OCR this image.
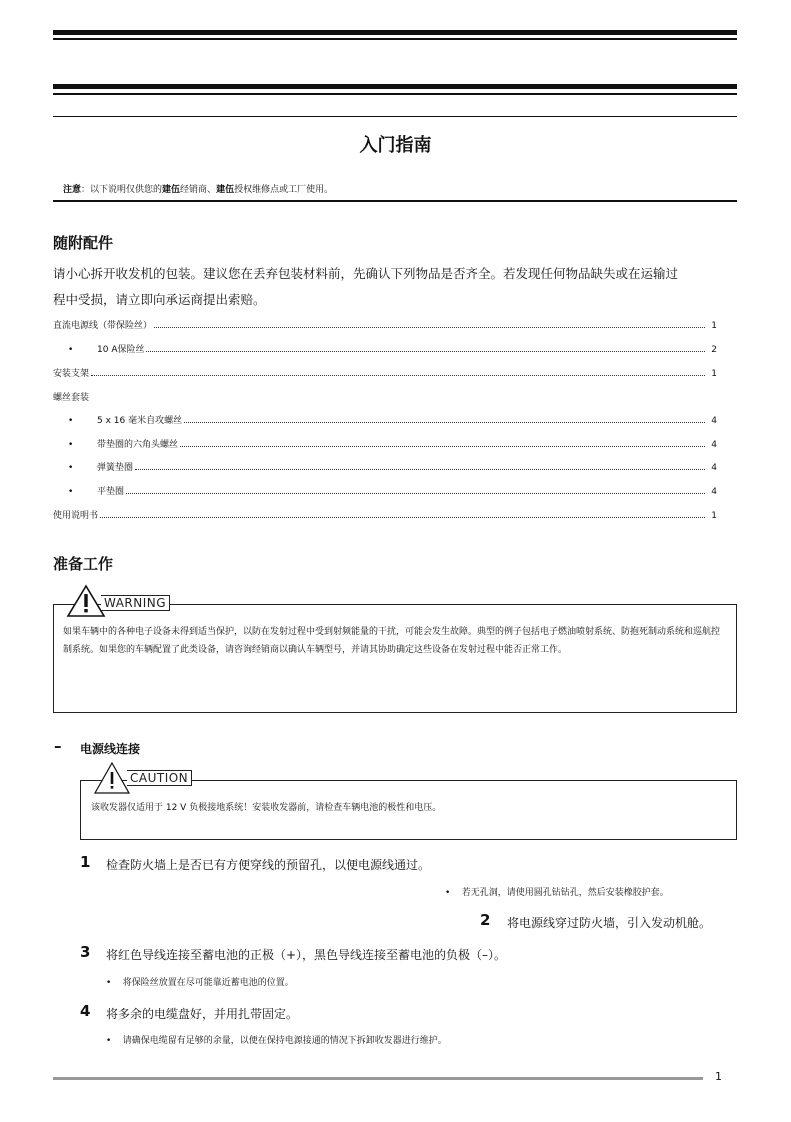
入门指南
注意：以下说明仅供您的建伍经销商、建伍授权维修点或工厂使用。
随附配件
请小心拆开收发机的包装。建议您在丢弃包装材料前，先确认下列物品是否齐全。若发现任何物品缺失或在运输过
程中受损，请立即向承运商提出索赔。
直流电源线（带保险丝）	1
•	10 A保险丝	2
安装支架	1
螺丝套装
•	5 x 16 毫米自攻螺丝	4
•	带垫圈的六角头螺丝	4
•	弹簧垫圈	4
•	平垫圈	4
使用说明书	1
准备工作
如果车辆中的各种电子设备未得到适当保护，以防在发射过程中受到射频能量的干扰，可能会发生故障。典型的例子包括电子燃油喷射系统、防抱死制动系统和巡航控制系统。如果您的车辆配置了此类设备，请咨询经销商以确认车辆型号，并请其协助确定这些设备在发射过程中能否正常工作。
WARNING
– 电源线连接
该收发器仅适用于 12 V 负极接地系统！安装收发器前，请检查车辆电池的极性和电压。
CAUTION
1 检查防火墙上是否已有方便穿线的预留孔，以便电源线通过。
• 若无孔洞，请使用圆孔钻钻孔，然后安装橡胶护套。
2 将电源线穿过防火墙，引入发动机舱。
3 将红色导线连接至蓄电池的正极（+），黑色导线连接至蓄电池的负极（–）。
• 将保险丝放置在尽可能靠近蓄电池的位置。
4 将多余的电缆盘好，并用扎带固定。
• 请确保电缆留有足够的余量，以便在保持电源接通的情况下拆卸收发器进行维护。
1
